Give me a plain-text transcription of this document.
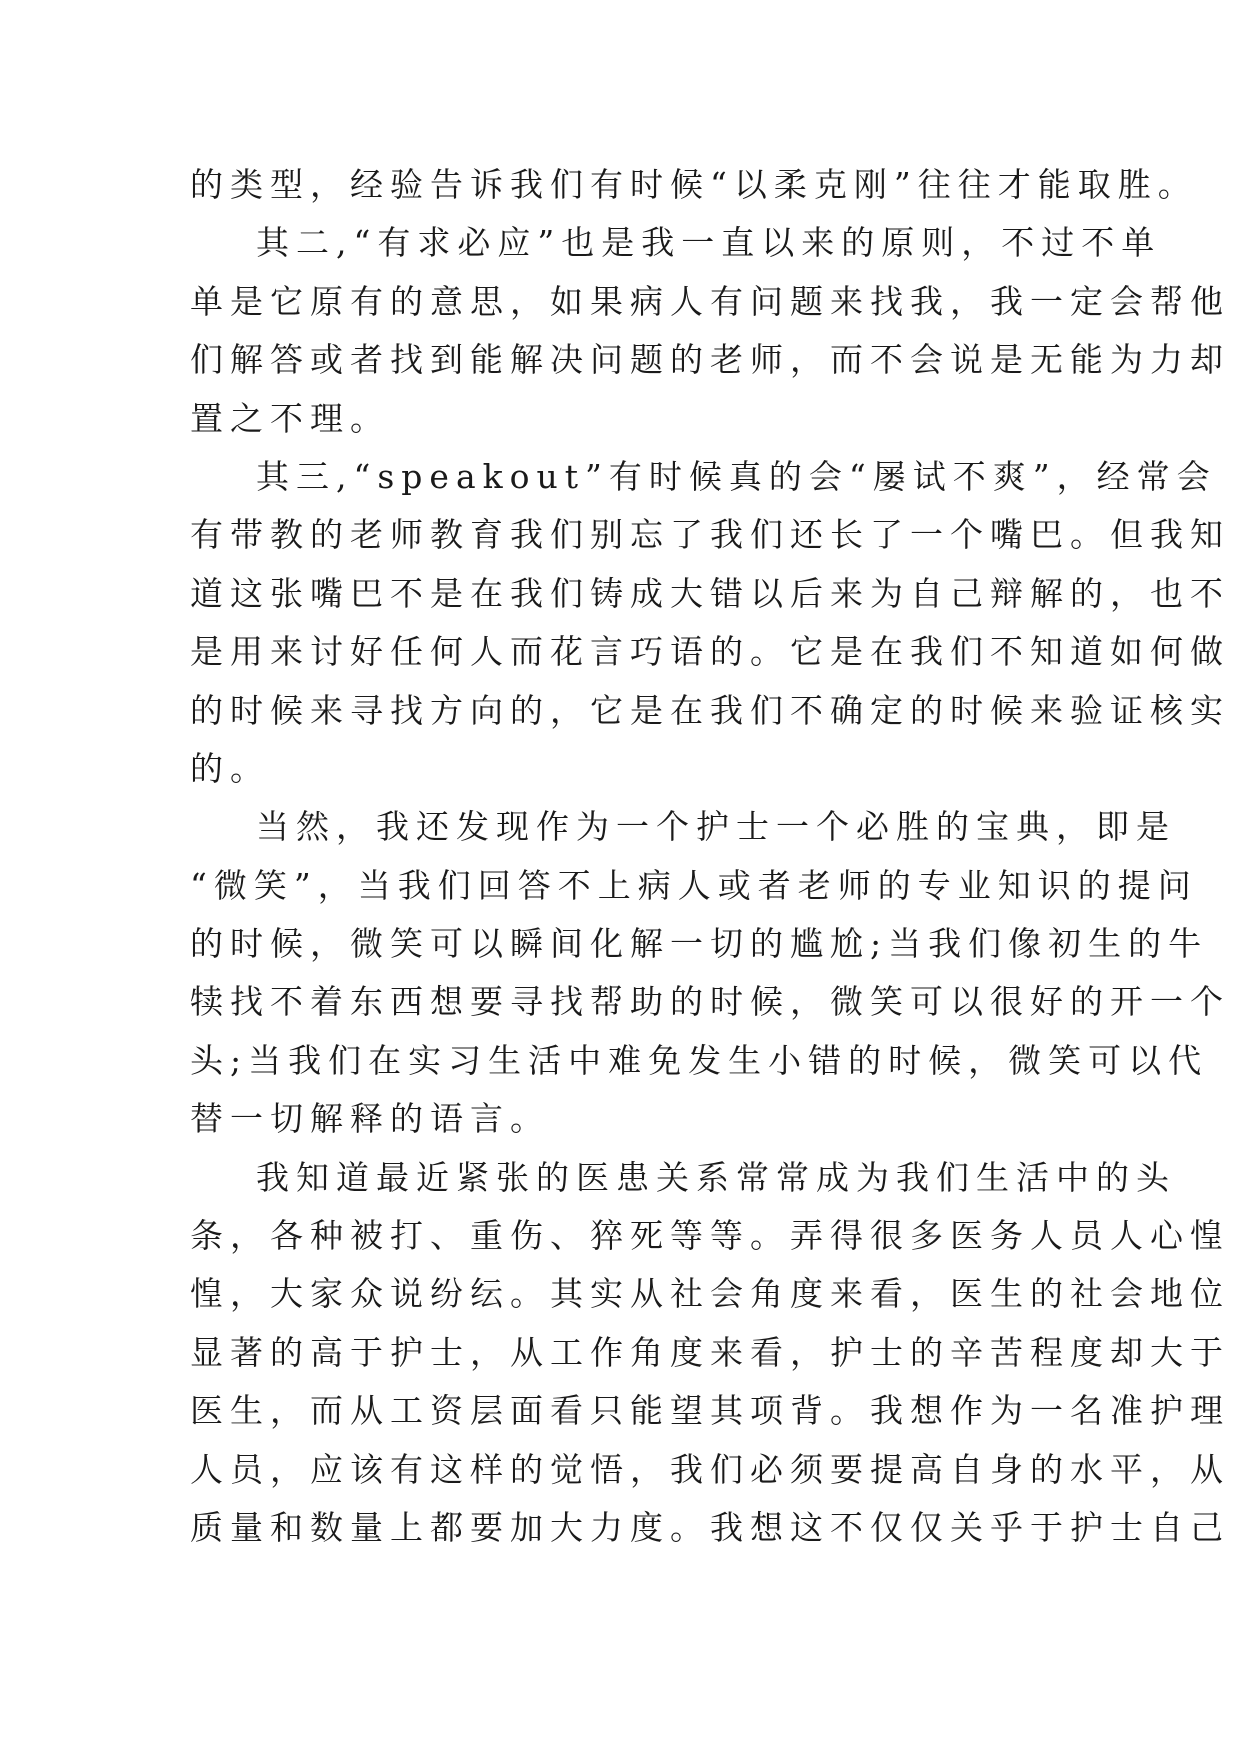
的类型，经验告诉我们有时候“以柔克刚”往往才能取胜。
其二,“有求必应”也是我一直以来的原则，不过不单
单是它原有的意思，如果病人有问题来找我，我一定会帮他
们解答或者找到能解决问题的老师，而不会说是无能为力却
置之不理。
其三,“speakout”有时候真的会“屡试不爽”，经常会
有带教的老师教育我们别忘了我们还长了一个嘴巴。但我知
道这张嘴巴不是在我们铸成大错以后来为自己辩解的，也不
是用来讨好任何人而花言巧语的。它是在我们不知道如何做
的时候来寻找方向的，它是在我们不确定的时候来验证核实
的。
当然，我还发现作为一个护士一个必胜的宝典，即是
“微笑”，当我们回答不上病人或者老师的专业知识的提问
的时候，微笑可以瞬间化解一切的尴尬;当我们像初生的牛
犊找不着东西想要寻找帮助的时候，微笑可以很好的开一个
头;当我们在实习生活中难免发生小错的时候，微笑可以代
替一切解释的语言。
我知道最近紧张的医患关系常常成为我们生活中的头
条，各种被打、重伤、猝死等等。弄得很多医务人员人心惶
惶，大家众说纷纭。其实从社会角度来看，医生的社会地位
显著的高于护士，从工作角度来看，护士的辛苦程度却大于
医生，而从工资层面看只能望其项背。我想作为一名准护理
人员，应该有这样的觉悟，我们必须要提高自身的水平，从
质量和数量上都要加大力度。我想这不仅仅关乎于护士自己
